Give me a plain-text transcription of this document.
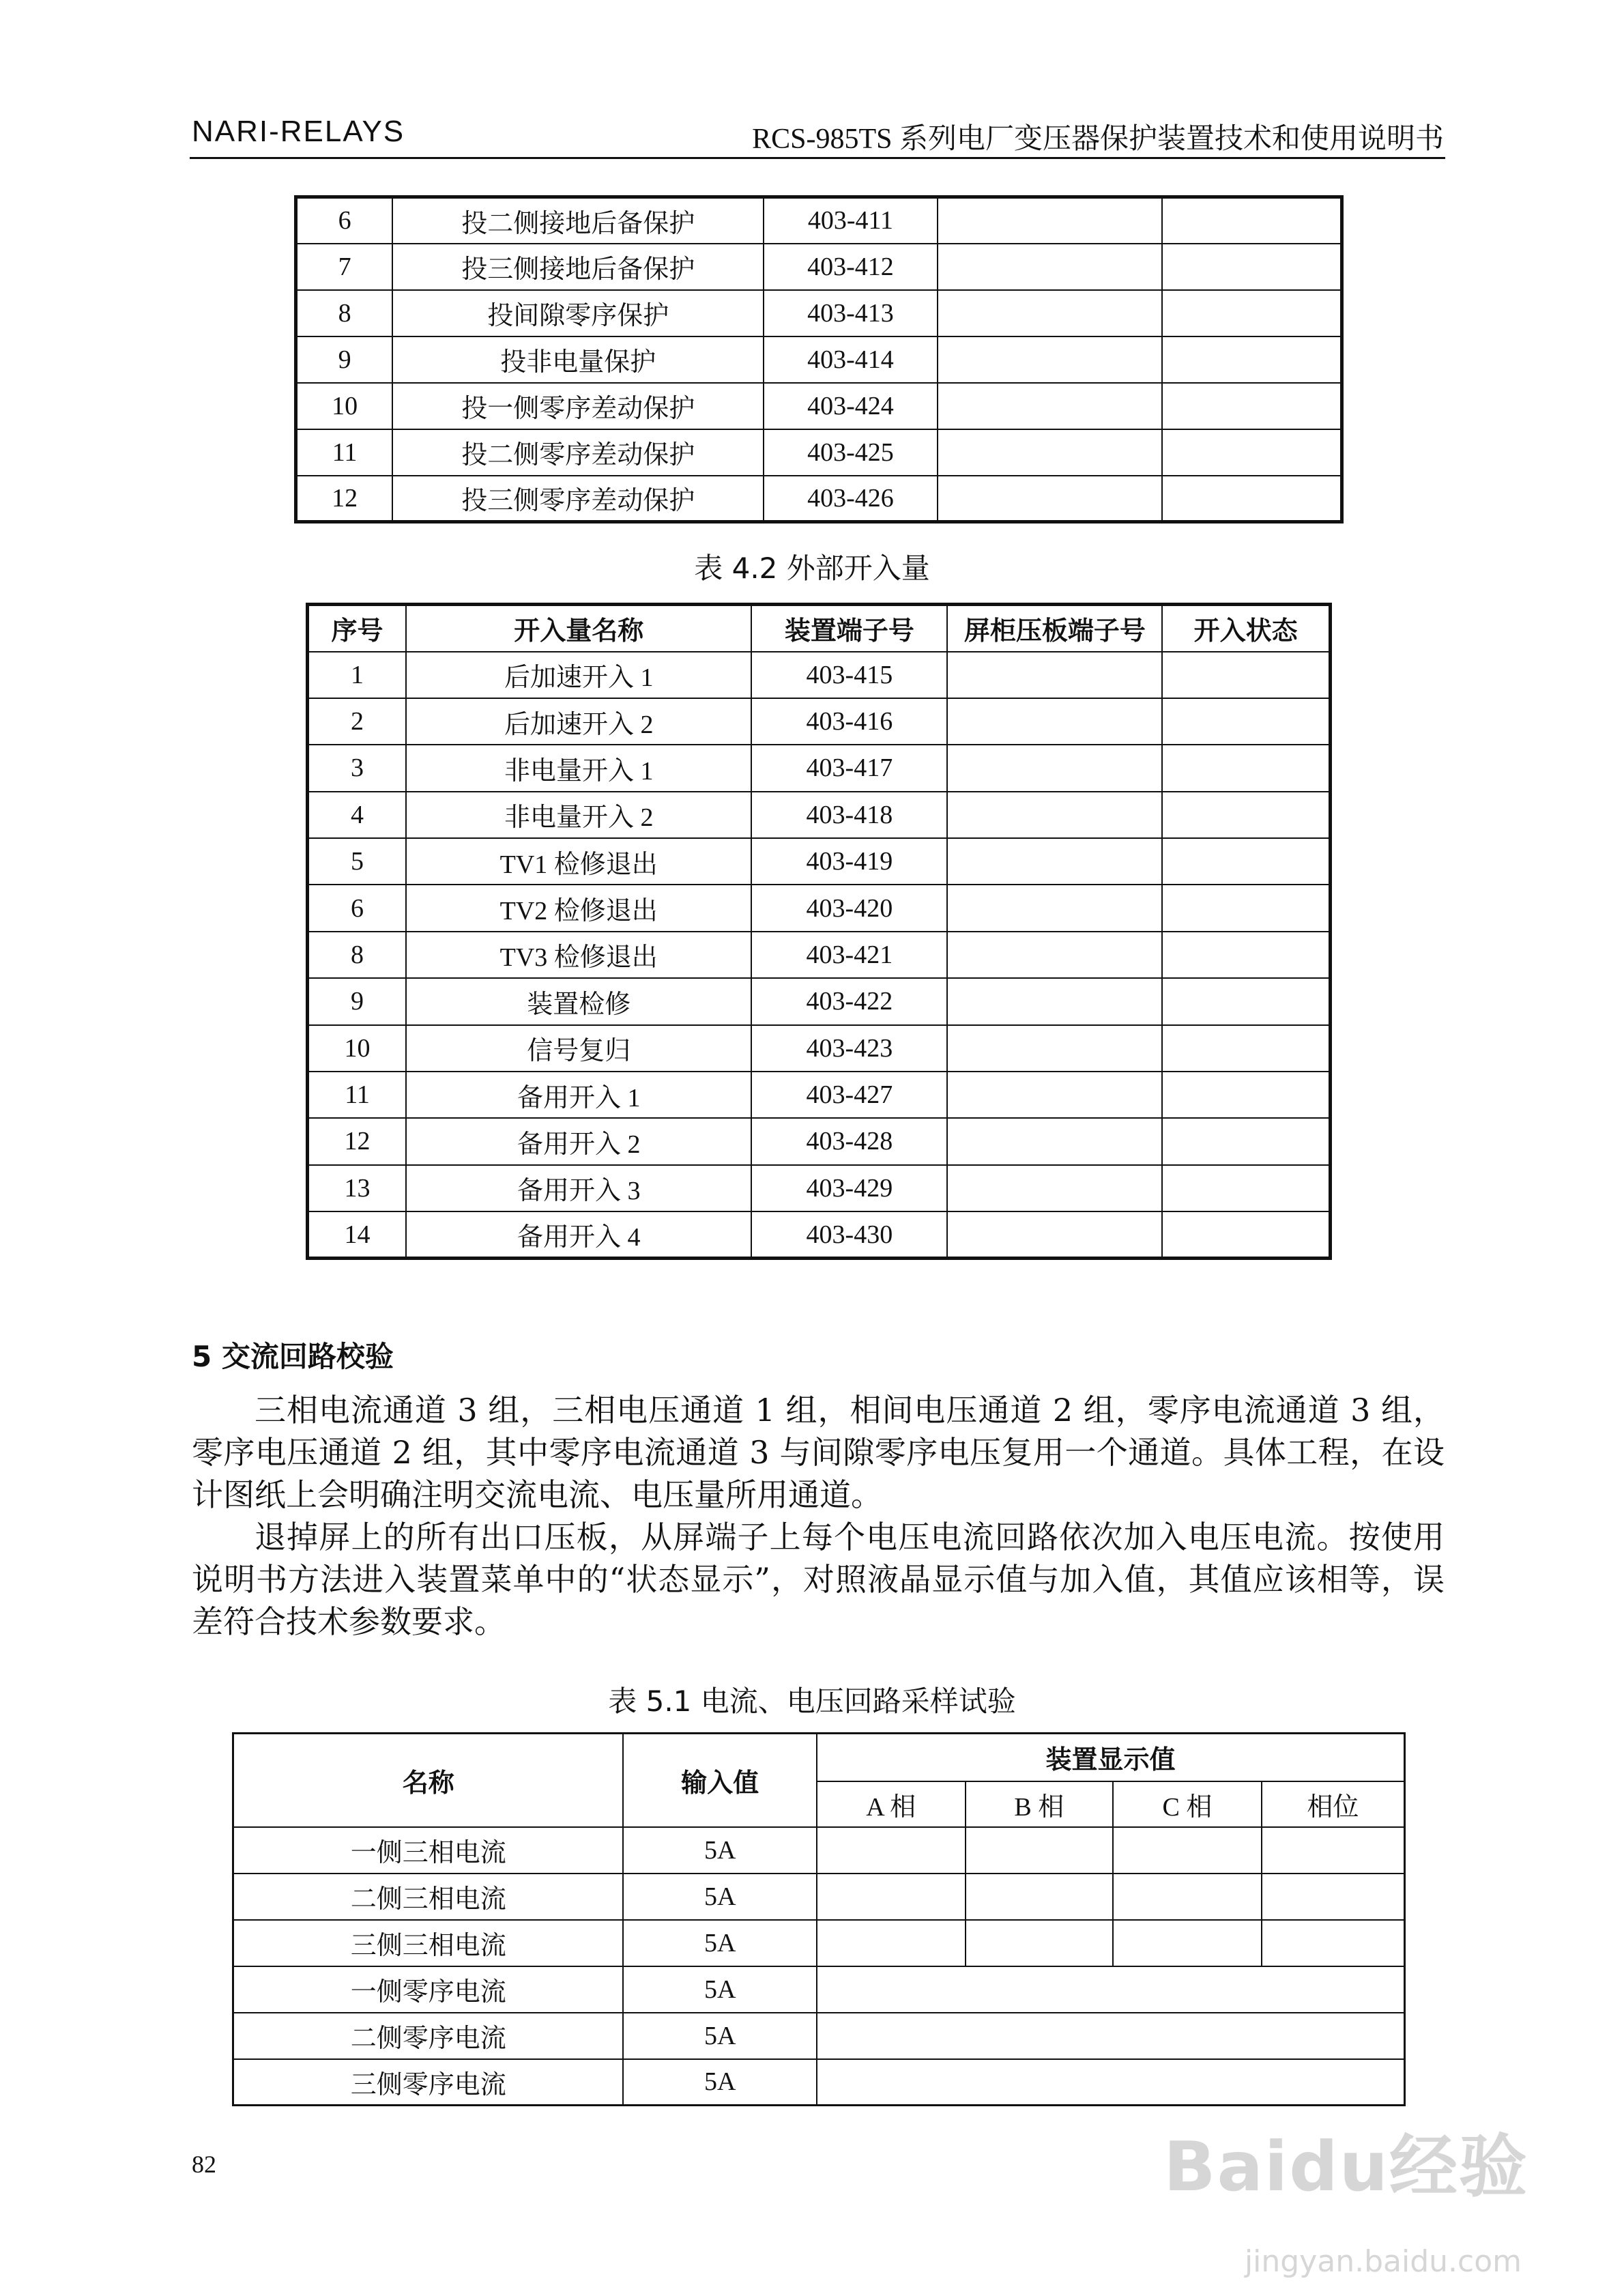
NARI-RELAYS	RCS-985TS 系列电厂变压器保护装置技术和使用说明书
6	投二侧接地后备保护	403-411		
7	投三侧接地后备保护	403-412		
8	投间隙零序保护	403-413		
9	投非电量保护	403-414		
10	投一侧零序差动保护	403-424		
11	投二侧零序差动保护	403-425		
12	投三侧零序差动保护	403-426		
表 4.2 外部开入量
序号	开入量名称	装置端子号	屏柜压板端子号	开入状态
1	后加速开入 1	403-415		
2	后加速开入 2	403-416		
3	非电量开入 1	403-417		
4	非电量开入 2	403-418		
5	TV1 检修退出	403-419		
6	TV2 检修退出	403-420		
8	TV3 检修退出	403-421		
9	装置检修	403-422		
10	信号复归	403-423		
11	备用开入 1	403-427		
12	备用开入 2	403-428		
13	备用开入 3	403-429		
14	备用开入 4	403-430		
5 交流回路校验

三相电流通道 3 组，三相电压通道 1 组，相间电压通道 2 组，零序电流通道 3 组，零序电压通道 2 组，其中零序电流通道 3 与间隙零序电压复用一个通道。具体工程，在设计图纸上会明确注明交流电流、电压量所用通道。

退掉屏上的所有出口压板，从屏端子上每个电压电流回路依次加入电压电流。按使用说明书方法进入装置菜单中的“状态显示”，对照液晶显示值与加入值，其值应该相等，误差符合技术参数要求。

表 5.1 电流、电压回路采样试验
名称	输入值	装置显示值			
		A 相	B 相	C 相	相位
一侧三相电流	5A				
二侧三相电流	5A				
三侧三相电流	5A				
一侧零序电流	5A				
二侧零序电流	5A				
三侧零序电流	5A				
82	Baidu经验
jingyan.baidu.com
